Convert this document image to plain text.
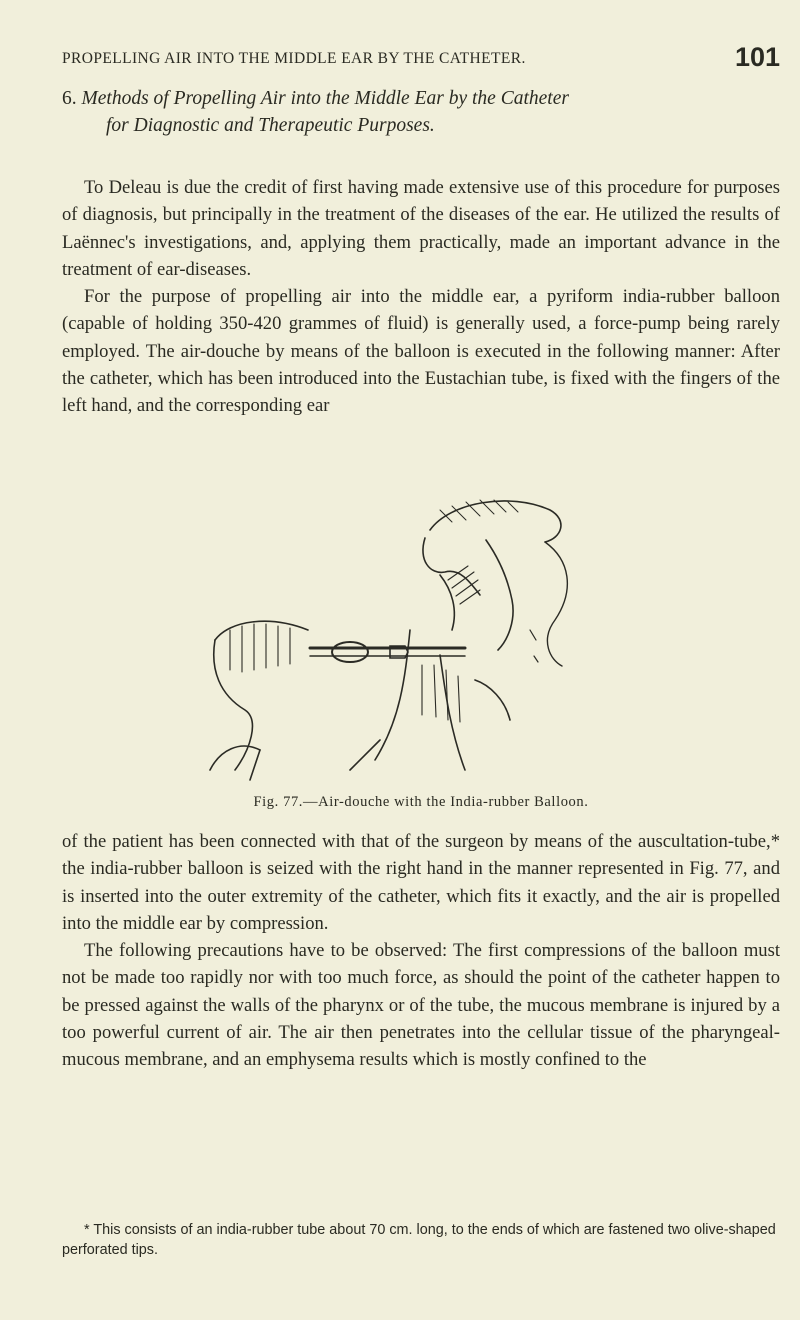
PROPELLING AIR INTO THE MIDDLE EAR BY THE CATHETER.	101
6. Methods of Propelling Air into the Middle Ear by the Catheter
for Diagnostic and Therapeutic Purposes.

To Deleau is due the credit of first having made extensive use of this procedure for purposes of diagnosis, but principally in the treatment of the diseases of the ear. He utilized the results of Laënnec's investigations, and, applying them practically, made an important advance in the treatment of ear-diseases.

For the purpose of propelling air into the middle ear, a pyriform india-rubber balloon (capable of holding 350-420 grammes of fluid) is generally used, a force-pump being rarely employed. The air-douche by means of the balloon is executed in the following manner: After the catheter, which has been introduced into the Eustachian tube, is fixed with the fingers of the left hand, and the corresponding ear

Fig. 77.—Air-douche with the India-rubber Balloon.

of the patient has been connected with that of the surgeon by means of the auscultation-tube,* the india-rubber balloon is seized with the right hand in the manner represented in Fig. 77, and is inserted into the outer extremity of the catheter, which fits it exactly, and the air is propelled into the middle ear by compression.

The following precautions have to be observed: The first compressions of the balloon must not be made too rapidly nor with too much force, as should the point of the catheter happen to be pressed against the walls of the pharynx or of the tube, the mucous membrane is injured by a too powerful current of air. The air then penetrates into the cellular tissue of the pharyngeal-mucous membrane, and an emphysema results which is mostly confined to the

* This consists of an india-rubber tube about 70 cm. long, to the ends of which are fastened two olive-shaped perforated tips.
